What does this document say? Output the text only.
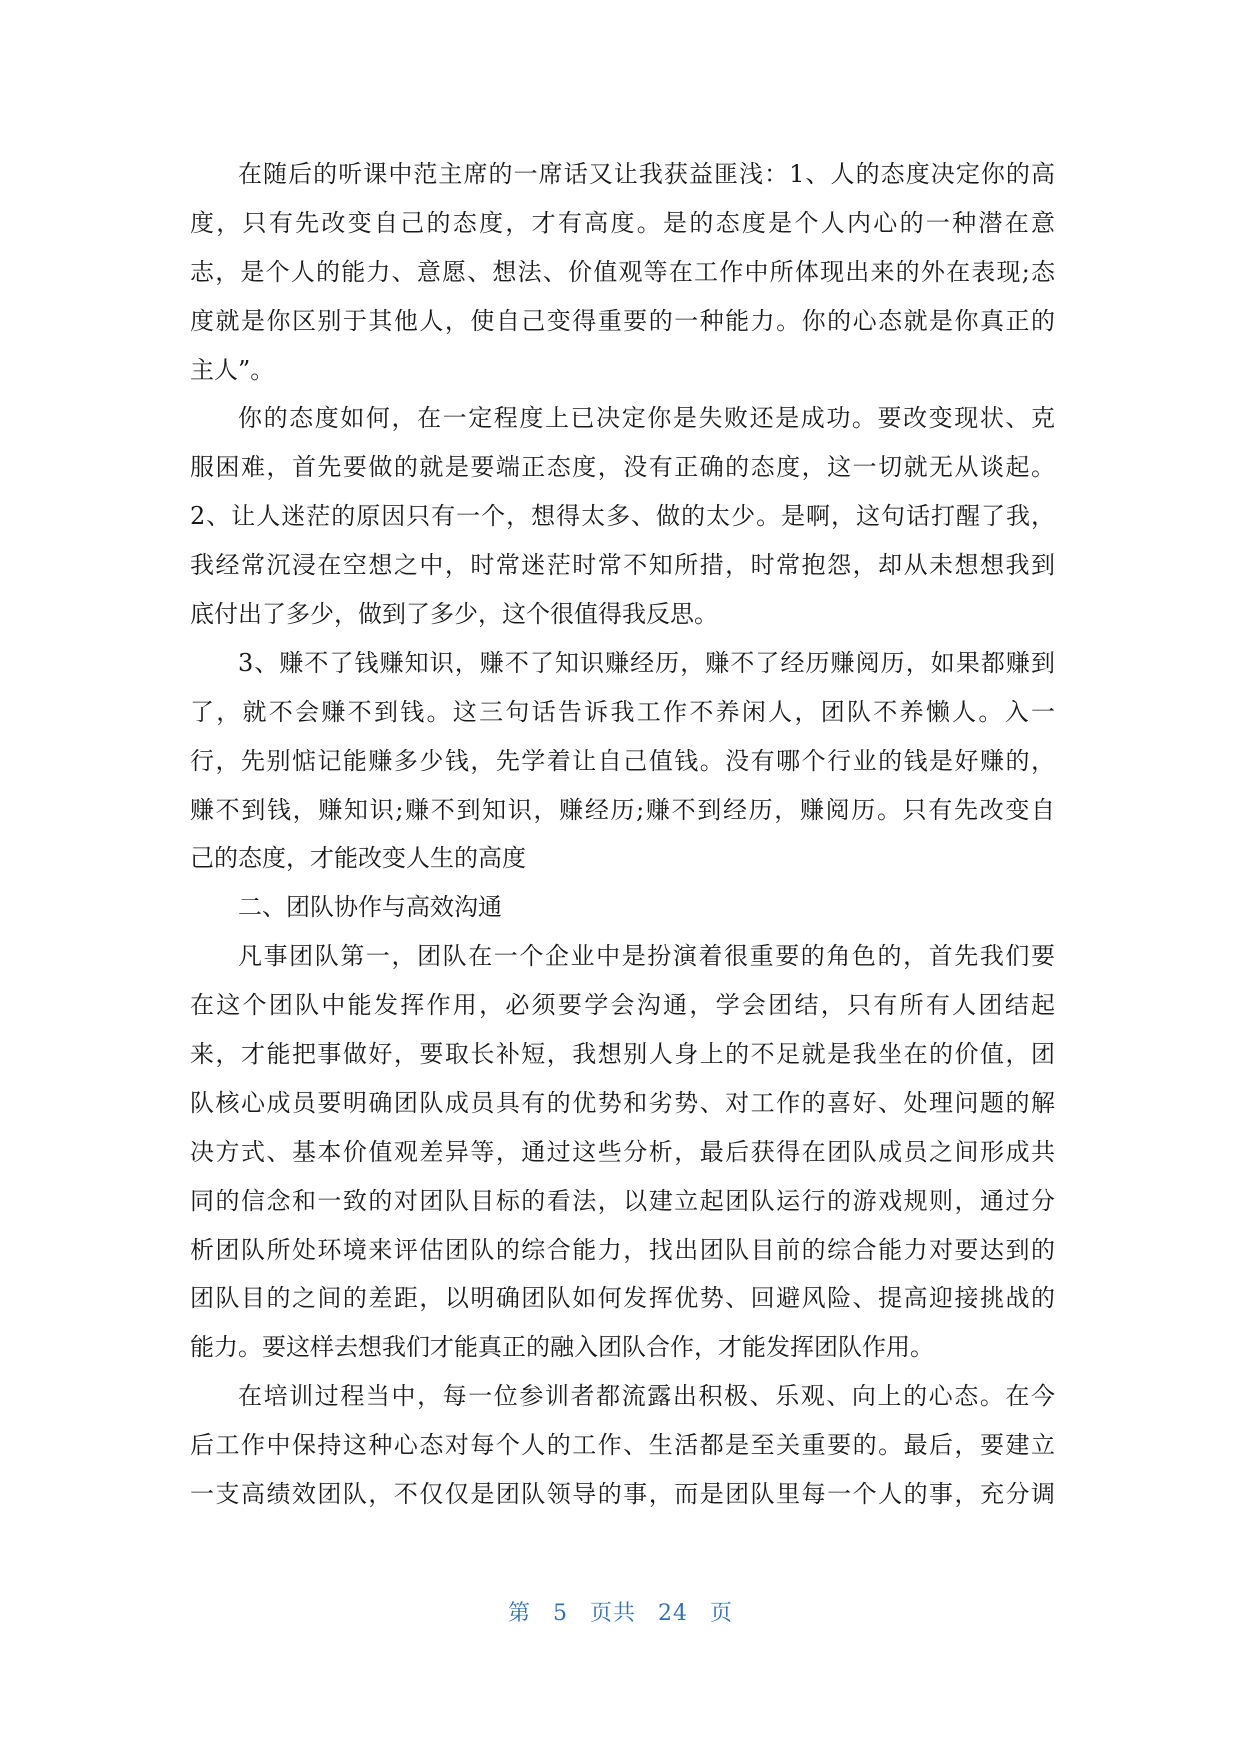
在随后的听课中范主席的一席话又让我获益匪浅：1、人的态度决定你的高
度，只有先改变自己的态度，才有高度。是的态度是个人内心的一种潜在意
志，是个人的能力、意愿、想法、价值观等在工作中所体现出来的外在表现;态
度就是你区别于其他人，使自己变得重要的一种能力。你的心态就是你真正的
主人”。
你的态度如何，在一定程度上已决定你是失败还是成功。要改变现状、克
服困难，首先要做的就是要端正态度，没有正确的态度，这一切就无从谈起。
2、让人迷茫的原因只有一个，想得太多、做的太少。是啊，这句话打醒了我，
我经常沉浸在空想之中，时常迷茫时常不知所措，时常抱怨，却从未想想我到
底付出了多少，做到了多少，这个很值得我反思。
3、赚不了钱赚知识，赚不了知识赚经历，赚不了经历赚阅历，如果都赚到
了，就不会赚不到钱。这三句话告诉我工作不养闲人，团队不养懒人。入一
行，先别惦记能赚多少钱，先学着让自己值钱。没有哪个行业的钱是好赚的，
赚不到钱，赚知识;赚不到知识，赚经历;赚不到经历，赚阅历。只有先改变自
己的态度，才能改变人生的高度
二、团队协作与高效沟通
凡事团队第一，团队在一个企业中是扮演着很重要的角色的，首先我们要
在这个团队中能发挥作用，必须要学会沟通，学会团结，只有所有人团结起
来，才能把事做好，要取长补短，我想别人身上的不足就是我坐在的价值，团
队核心成员要明确团队成员具有的优势和劣势、对工作的喜好、处理问题的解
决方式、基本价值观差异等，通过这些分析，最后获得在团队成员之间形成共
同的信念和一致的对团队目标的看法，以建立起团队运行的游戏规则，通过分
析团队所处环境来评估团队的综合能力，找出团队目前的综合能力对要达到的
团队目的之间的差距，以明确团队如何发挥优势、回避风险、提高迎接挑战的
能力。要这样去想我们才能真正的融入团队合作，才能发挥团队作用。
在培训过程当中，每一位参训者都流露出积极、乐观、向上的心态。在今
后工作中保持这种心态对每个人的工作、生活都是至关重要的。最后，要建立
一支高绩效团队，不仅仅是团队领导的事，而是团队里每一个人的事，充分调
第 5 页共 24 页
